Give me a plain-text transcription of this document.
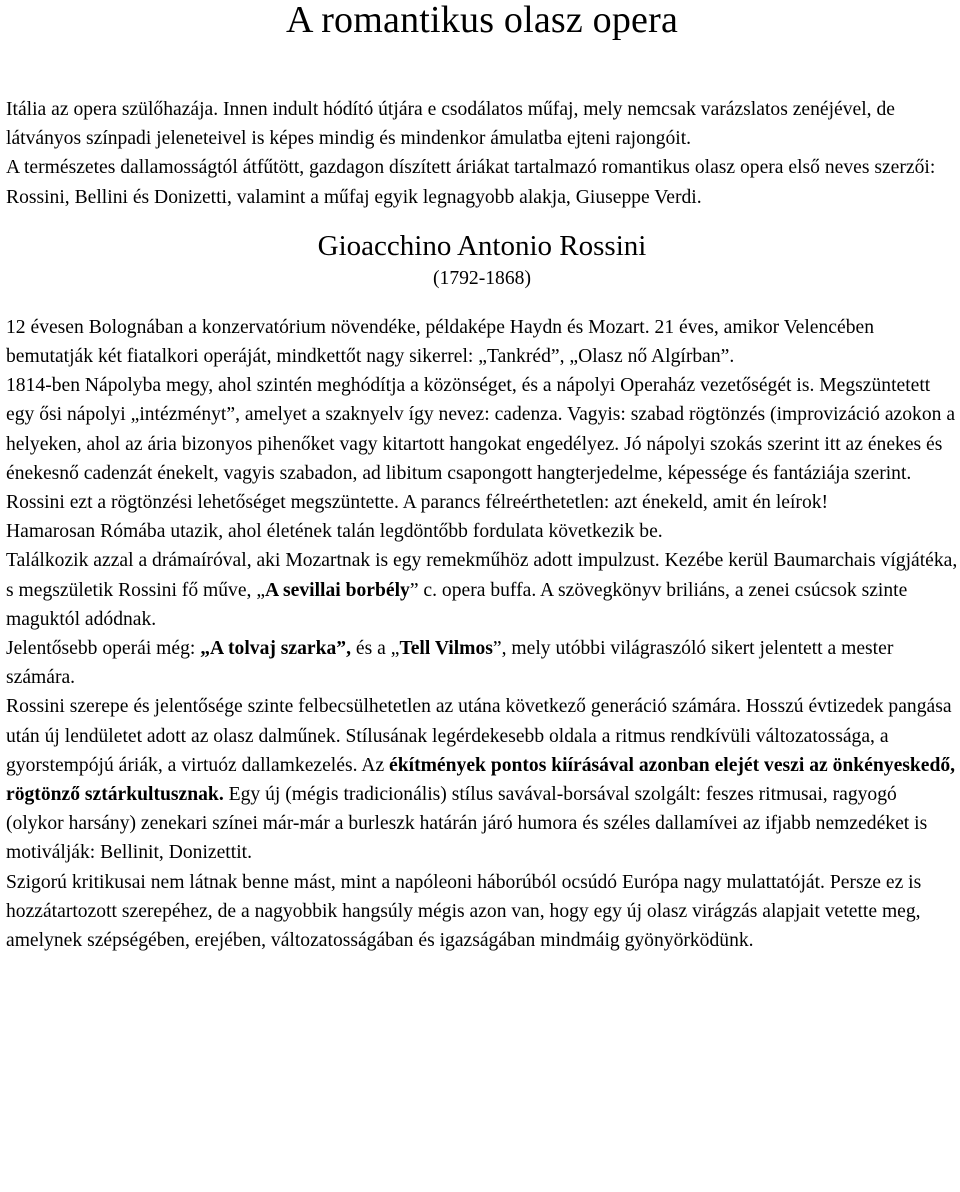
A romantikus olasz opera

Itália az opera szülőhazája. Innen indult hódító útjára e csodálatos műfaj, mely nemcsak varázslatos zenéjével, de látványos színpadi jeleneteivel is képes mindig és mindenkor ámulatba ejteni rajongóit.
A természetes dallamosságtól átfűtött, gazdagon díszített áriákat tartalmazó romantikus olasz opera első neves szerzői: Rossini, Bellini és Donizetti, valamint a műfaj egyik legnagyobb alakja, Giuseppe Verdi.

Gioacchino Antonio Rossini

(1792-1868)

12 évesen Bolognában a konzervatórium növendéke, példaképe Haydn és Mozart. 21 éves, amikor Velencében bemutatják két fiatalkori operáját, mindkettőt nagy sikerrel: „Tankréd”, „Olasz nő Algírban”.
1814-ben Nápolyba megy, ahol szintén meghódítja a közönséget, és a nápolyi Operaház vezetőségét is. Megszüntetett egy ősi nápolyi „intézményt”, amelyet a szaknyelv így nevez: cadenza. Vagyis: szabad rögtönzés (improvizáció azokon a helyeken, ahol az ária bizonyos pihenőket vagy kitartott hangokat engedélyez. Jó nápolyi szokás szerint itt az énekes és énekesnő cadenzát énekelt, vagyis szabadon, ad libitum csapongott hangterjedelme, képessége és fantáziája szerint. Rossini ezt a rögtönzési lehetőséget megszüntette. A parancs félreérthetetlen: azt énekeld, amit én leírok!
Hamarosan Rómába utazik, ahol életének talán legdöntőbb fordulata következik be.
Találkozik azzal a drámaíróval, aki Mozartnak is egy remekműhöz adott impulzust. Kezébe kerül Baumarchais vígjátéka, s megszületik Rossini fő műve, „A sevillai borbély” c. opera buffa. A szövegkönyv briliáns, a zenei csúcsok szinte maguktól adódnak.
Jelentősebb operái még: „A tolvaj szarka”, és a „Tell Vilmos”, mely utóbbi világraszóló sikert jelentett a mester számára.
Rossini szerepe és jelentősége szinte felbecsülhetetlen az utána következő generáció számára. Hosszú évtizedek pangása után új lendületet adott az olasz dalműnek. Stílusának legérdekesebb oldala a ritmus rendkívüli változatossága, a gyorstempójú áriák, a virtuóz dallamkezelés. Az ékítmények pontos kiírásával azonban elejét veszi az önkényeskedő, rögtönző sztárkultusznak. Egy új (mégis tradicionális) stílus savával-borsával szolgált: feszes ritmusai, ragyogó (olykor harsány) zenekari színei már-már a burleszk határán járó humora és széles dallamívei az ifjabb nemzedéket is motiválják: Bellinit, Donizettit.
Szigorú kritikusai nem látnak benne mást, mint a napóleoni háborúból ocsúdó Európa nagy mulattatóját. Persze ez is hozzátartozott szerepéhez, de a nagyobbik hangsúly mégis azon van, hogy egy új olasz virágzás alapjait vetette meg, amelynek szépségében, erejében, változatosságában és igazságában mindmáig gyönyörködünk.
